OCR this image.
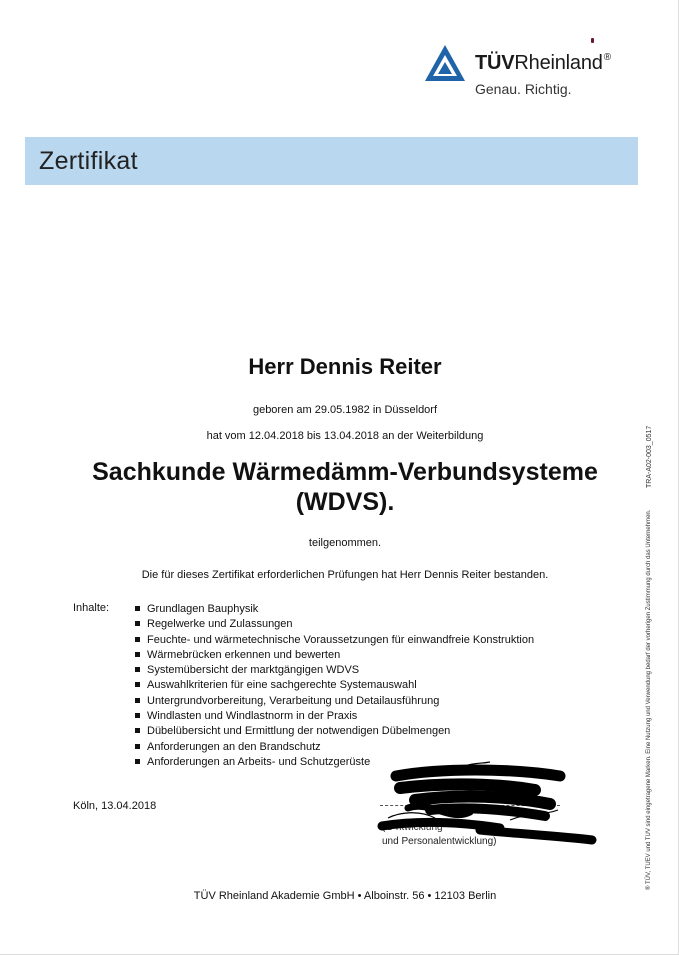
TÜVRheinland®
Genau. Richtig.
Zertifikat
Herr Dennis Reiter
geboren am 29.05.1982 in Düsseldorf
hat vom 12.04.2018 bis 13.04.2018 an der Weiterbildung
Sachkunde Wärmedämm-Verbundsysteme
(WDVS).
teilgenommen.
Die für dieses Zertifikat erforderlichen Prüfungen hat Herr Dennis Reiter bestanden.
Inhalte:	Grundlagen Bauphysik
Regelwerke und Zulassungen
Feuchte- und wärmetechnische Voraussetzungen für einwandfreie Konstruktion
Wärmebrücken erkennen und bewerten
Systemübersicht der marktgängigen WDVS
Auswahlkriterien für eine sachgerechte Systemauswahl
Untergrundvorbereitung, Verarbeitung und Detailausführung
Windlasten und Windlastnorm in der Praxis
Dübelübersicht und Ermittlung der notwendigen Dübelmengen
Anforderungen an den Brandschutz
Anforderungen an Arbeits- und Schutzgerüste
Köln, 13.04.2018
(G ntwicklung
und Personalentwicklung)
TÜV Rheinland Akademie GmbH • Alboinstr. 56 • 12103 Berlin
TRA-A02-003_0517
® TÜV, TUEV und TUV sind eingetragene Marken. Eine Nutzung und Verwendung bedarf der vorherigen Zustimmung durch das Unternehmen.
